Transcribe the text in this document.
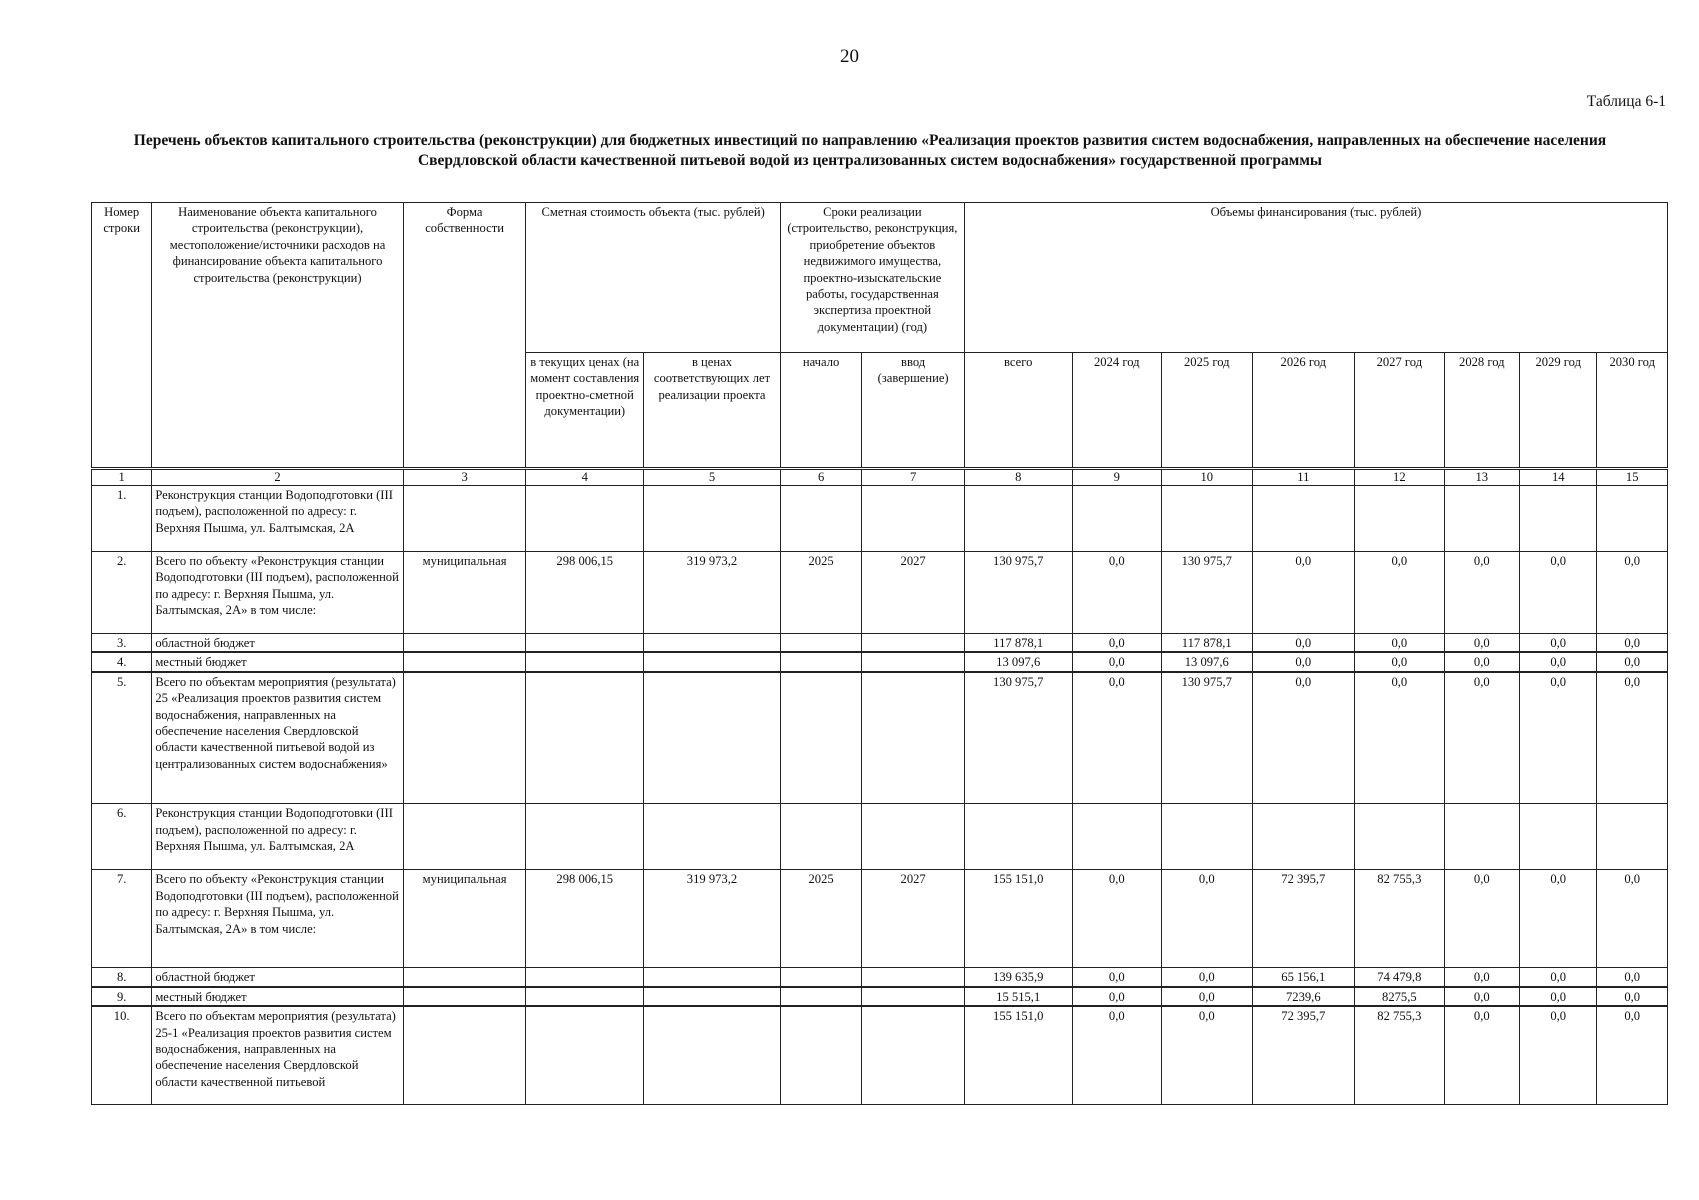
20
Таблица 6-1
Перечень объектов капитального строительства (реконструкции) для бюджетных инвестиций по направлению «Реализация проектов развития систем водоснабжения, направленных на обеспечение населения Свердловской области качественной питьевой водой из централизованных систем водоснабжения» государственной программы
Номер строки	Наименование объекта капитального строительства (реконструкции), местоположение/источники расходов на финансирование объекта капитального строительства (реконструкции)	Форма собственности	Сметная стоимость объекта (тыс. рублей)		Сроки реализации (строительство, реконструкция, приобретение объектов недвижимого имущества, проектно-изыскательские работы, государственная экспертиза проектной документации) (год)		Объемы финансирования (тыс. рублей)							
			в текущих ценах (на момент составления проектно-сметной документации)	в ценах соответствующих лет реализации проекта	начало	ввод (завершение)	всего	2024 год	2025 год	2026 год	2027 год	2028 год	2029 год	2030 год
1	2	3	4	5	6	7	8	9	10	11	12	13	14	15
1.	Реконструкция станции Водоподготовки (III подъем), расположенной по адресу: г. Верхняя Пышма, ул. Балтымская, 2А													
2.	Всего по объекту «Реконструкция станции Водоподготовки (III подъем), расположенной по адресу: г. Верхняя Пышма, ул. Балтымская, 2А» в том числе:	муниципальная	298 006,15	319 973,2	2025	2027	130 975,7	0,0	130 975,7	0,0	0,0	0,0	0,0	0,0
3.	областной бюджет						117 878,1	0,0	117 878,1	0,0	0,0	0,0	0,0	0,0
4.	местный бюджет						13 097,6	0,0	13 097,6	0,0	0,0	0,0	0,0	0,0
5.	Всего по объектам мероприятия (результата) 25 «Реализация проектов развития систем водоснабжения, направленных на обеспечение населения Свердловской области качественной питьевой водой из централизованных систем водоснабжения»						130 975,7	0,0	130 975,7	0,0	0,0	0,0	0,0	0,0
6.	Реконструкция станции Водоподготовки (III подъем), расположенной по адресу: г. Верхняя Пышма, ул. Балтымская, 2А													
7.	Всего по объекту «Реконструкция станции Водоподготовки (III подъем), расположенной по адресу: г. Верхняя Пышма, ул. Балтымская, 2А» в том числе:	муниципальная	298 006,15	319 973,2	2025	2027	155 151,0	0,0	0,0	72 395,7	82 755,3	0,0	0,0	0,0
8.	областной бюджет						139 635,9	0,0	0,0	65 156,1	74 479,8	0,0	0,0	0,0
9.	местный бюджет						15 515,1	0,0	0,0	7239,6	8275,5	0,0	0,0	0,0
10.	Всего по объектам мероприятия (результата) 25-1 «Реализация проектов развития систем водоснабжения, направленных на обеспечение населения Свердловской области качественной питьевой						155 151,0	0,0	0,0	72 395,7	82 755,3	0,0	0,0	0,0
